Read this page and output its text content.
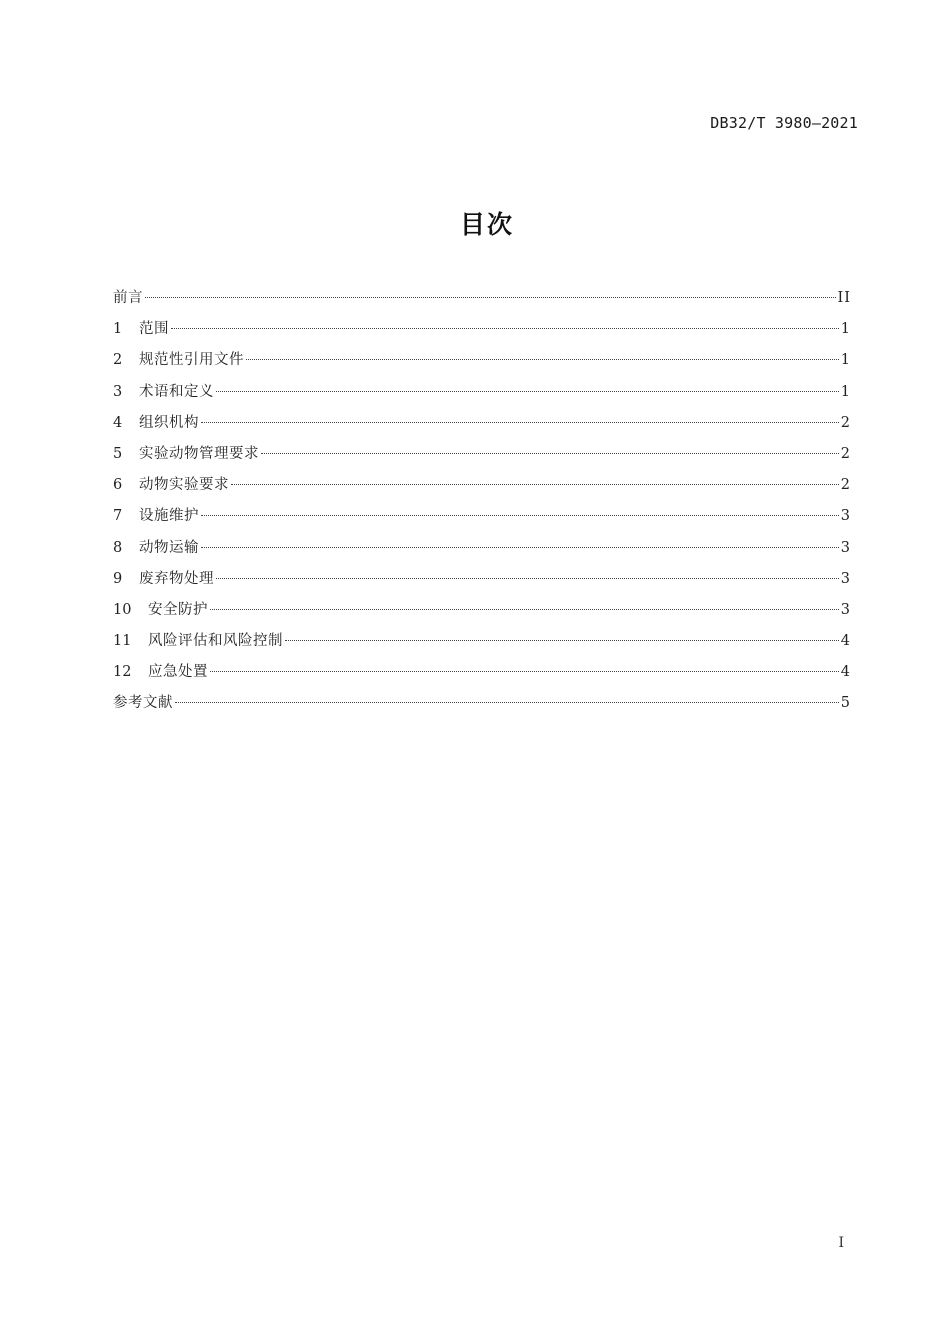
DB32/T 3980—2021
目次
前言	II
1	范围	1
2	规范性引用文件	1
3	术语和定义	1
4	组织机构	2
5	实验动物管理要求	2
6	动物实验要求	2
7	设施维护	3
8	动物运输	3
9	废弃物处理	3
10	安全防护	3
11	风险评估和风险控制	4
12	应急处置	4
参考文献	5
I
